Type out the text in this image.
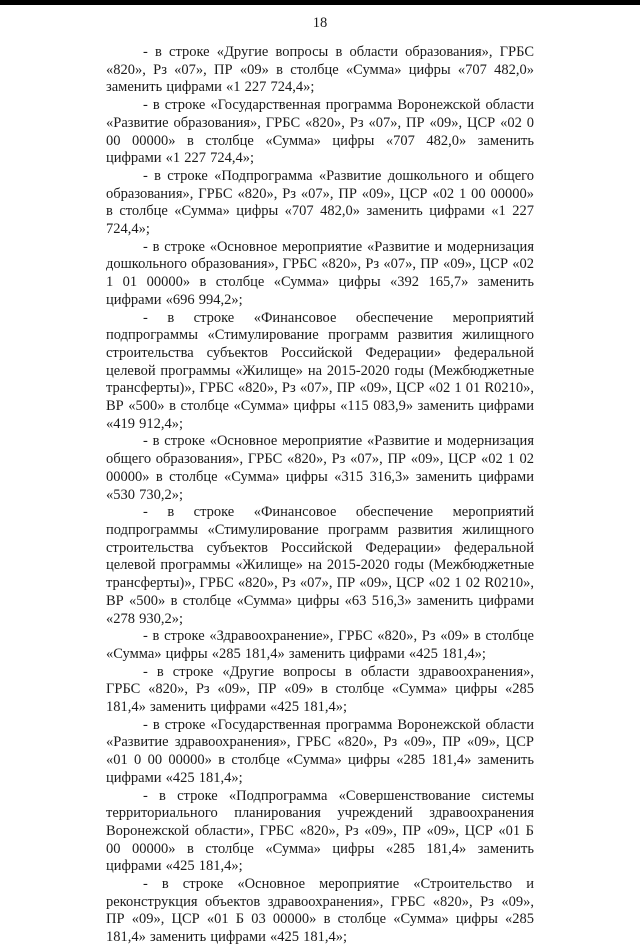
18

- в строке «Другие вопросы в области образования», ГРБС «820», Рз «07», ПР «09» в столбце «Сумма» цифры «707 482,0» заменить цифрами «1 227 724,4»;

- в строке «Государственная программа Воронежской области «Развитие образования», ГРБС «820», Рз «07», ПР «09», ЦСР «02 0 00 00000» в столбце «Сумма» цифры «707 482,0» заменить цифрами «1 227 724,4»;

- в строке «Подпрограмма «Развитие дошкольного и общего образования», ГРБС «820», Рз «07», ПР «09», ЦСР «02 1 00 00000» в столбце «Сумма» цифры «707 482,0» заменить цифрами «1 227 724,4»;

- в строке «Основное мероприятие «Развитие и модернизация дошкольного образования», ГРБС «820», Рз «07», ПР «09», ЦСР «02 1 01 00000» в столбце «Сумма» цифры «392 165,7» заменить цифрами «696 994,2»;

- в строке «Финансовое обеспечение мероприятий подпрограммы «Стимулирование программ развития жилищного строительства субъектов Российской Федерации» федеральной целевой программы «Жилище» на 2015-2020 годы (Межбюджетные трансферты)», ГРБС «820», Рз «07», ПР «09», ЦСР «02 1 01 R0210», ВР «500» в столбце «Сумма» цифры «115 083,9» заменить цифрами «419 912,4»;

- в строке «Основное мероприятие «Развитие и модернизация общего образования», ГРБС «820», Рз «07», ПР «09», ЦСР «02 1 02 00000» в столбце «Сумма» цифры «315 316,3» заменить цифрами «530 730,2»;

- в строке «Финансовое обеспечение мероприятий подпрограммы «Стимулирование программ развития жилищного строительства субъектов Российской Федерации» федеральной целевой программы «Жилище» на 2015-2020 годы (Межбюджетные трансферты)», ГРБС «820», Рз «07», ПР «09», ЦСР «02 1 02 R0210», ВР «500» в столбце «Сумма» цифры «63 516,3» заменить цифрами «278 930,2»;

- в строке «Здравоохранение», ГРБС «820», Рз «09» в столбце «Сумма» цифры «285 181,4» заменить цифрами «425 181,4»;

- в строке «Другие вопросы в области здравоохранения», ГРБС «820», Рз «09», ПР «09» в столбце «Сумма» цифры «285 181,4» заменить цифрами «425 181,4»;

- в строке «Государственная программа Воронежской области «Развитие здравоохранения», ГРБС «820», Рз «09», ПР «09», ЦСР «01 0 00 00000» в столбце «Сумма» цифры «285 181,4» заменить цифрами «425 181,4»;

- в строке «Подпрограмма «Совершенствование системы территориального планирования учреждений здравоохранения Воронежской области», ГРБС «820», Рз «09», ПР «09», ЦСР «01 Б 00 00000» в столбце «Сумма» цифры «285 181,4» заменить цифрами «425 181,4»;

- в строке «Основное мероприятие «Строительство и реконструкция объектов здравоохранения», ГРБС «820», Рз «09», ПР «09», ЦСР «01 Б 03 00000» в столбце «Сумма» цифры «285 181,4» заменить цифрами «425 181,4»;
